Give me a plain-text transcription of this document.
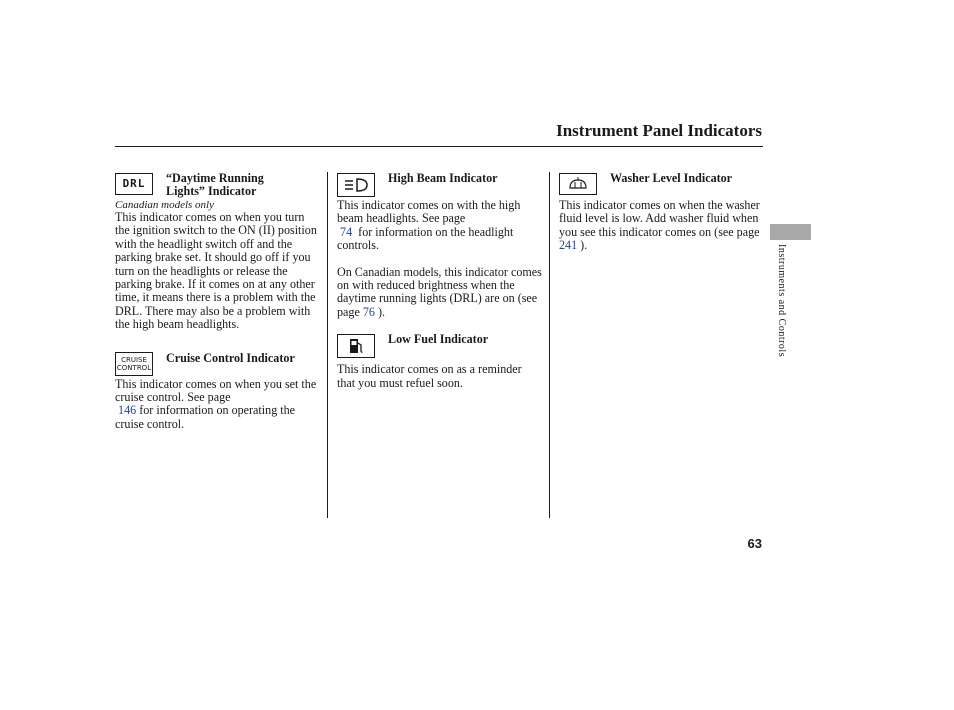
Instrument Panel Indicators
DRL “Daytime Running Lights” Indicator
Canadian models only

This indicator comes on when you turn the ignition switch to the ON (II) position with the headlight switch off and the parking brake set. It should go off if you turn on the headlights or release the parking brake. If it comes on at any other time, it means there is a problem with the DRL. There may also be a problem with the high beam headlights.

CRUISE
CONTROL
Cruise Control Indicator

This indicator comes on when you set the cruise control. See page
146 for information on operating the cruise control.

High Beam Indicator

This indicator comes on with the high beam headlights. See page
74 for information on the headlight controls.

On Canadian models, this indicator comes on with reduced brightness when the daytime running lights (DRL) are on (see page 76 ).

Low Fuel Indicator

This indicator comes on as a reminder that you must refuel soon.

Washer Level Indicator

This indicator comes on when the washer fluid level is low. Add washer fluid when you see this indicator comes on (see page 241 ).	Instruments and Controls
63
